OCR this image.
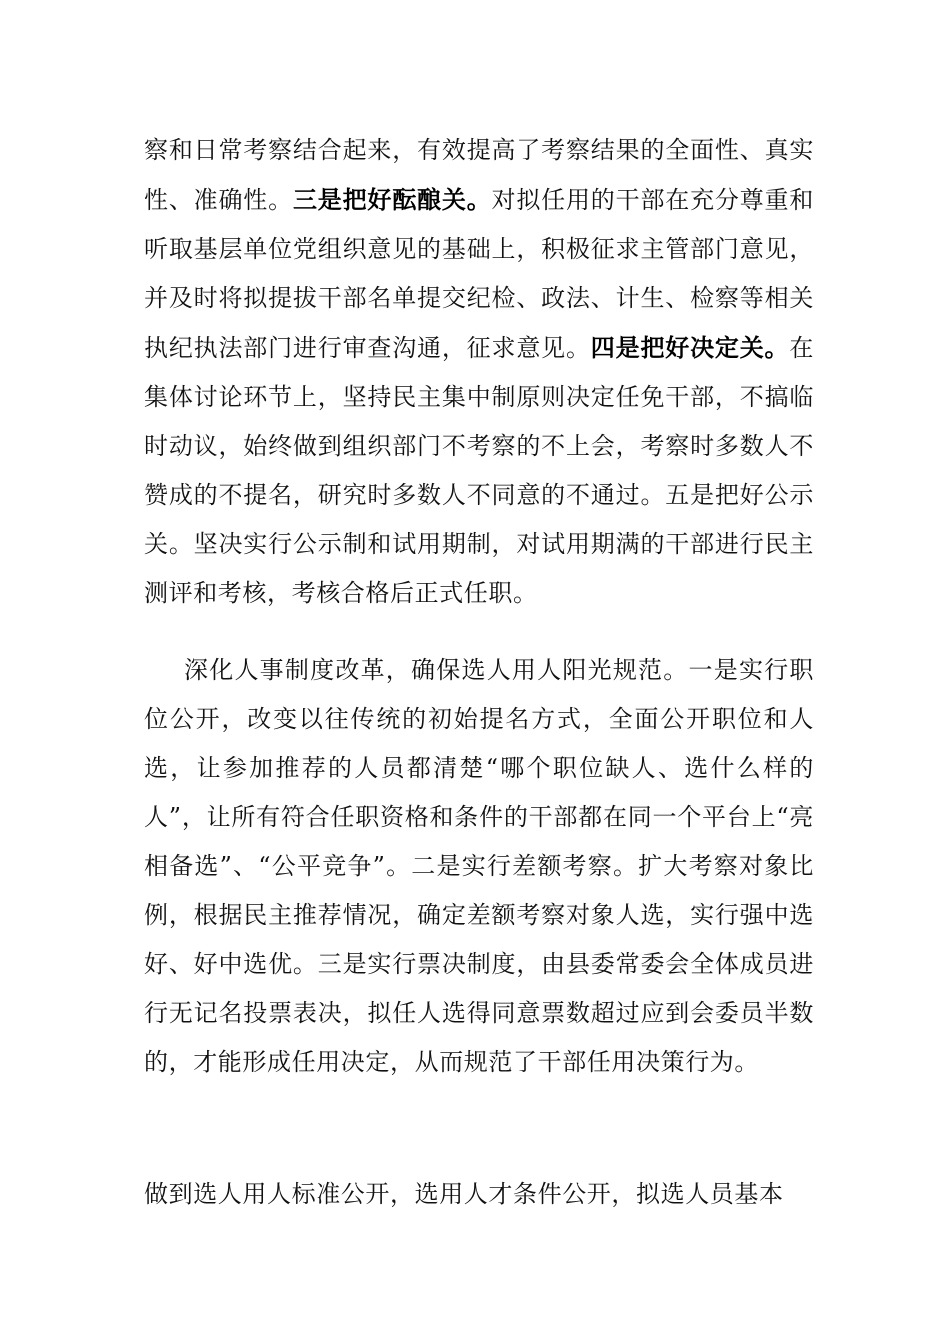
察和日常考察结合起来，有效提高了考察结果的全面性、真实性、准确性。三是把好酝酿关。对拟任用的干部在充分尊重和听取基层单位党组织意见的基础上，积极征求主管部门意见，并及时将拟提拔干部名单提交纪检、政法、计生、检察等相关执纪执法部门进行审查沟通，征求意见。四是把好决定关。在集体讨论环节上，坚持民主集中制原则决定任免干部，不搞临时动议，始终做到组织部门不考察的不上会，考察时多数人不赞成的不提名，研究时多数人不同意的不通过。五是把好公示关。坚决实行公示制和试用期制，对试用期满的干部进行民主测评和考核，考核合格后正式任职。

深化人事制度改革，确保选人用人阳光规范。一是实行职位公开，改变以往传统的初始提名方式，全面公开职位和人选，让参加推荐的人员都清楚“哪个职位缺人、选什么样的人”，让所有符合任职资格和条件的干部都在同一个平台上“亮相备选”、“公平竞争”。二是实行差额考察。扩大考察对象比例，根据民主推荐情况，确定差额考察对象人选，实行强中选好、好中选优。三是实行票决制度，由县委常委会全体成员进行无记名投票表决，拟任人选得同意票数超过应到会委员半数的，才能形成任用决定，从而规范了干部任用决策行为。

做到选人用人标准公开，选用人才条件公开，拟选人员基本
